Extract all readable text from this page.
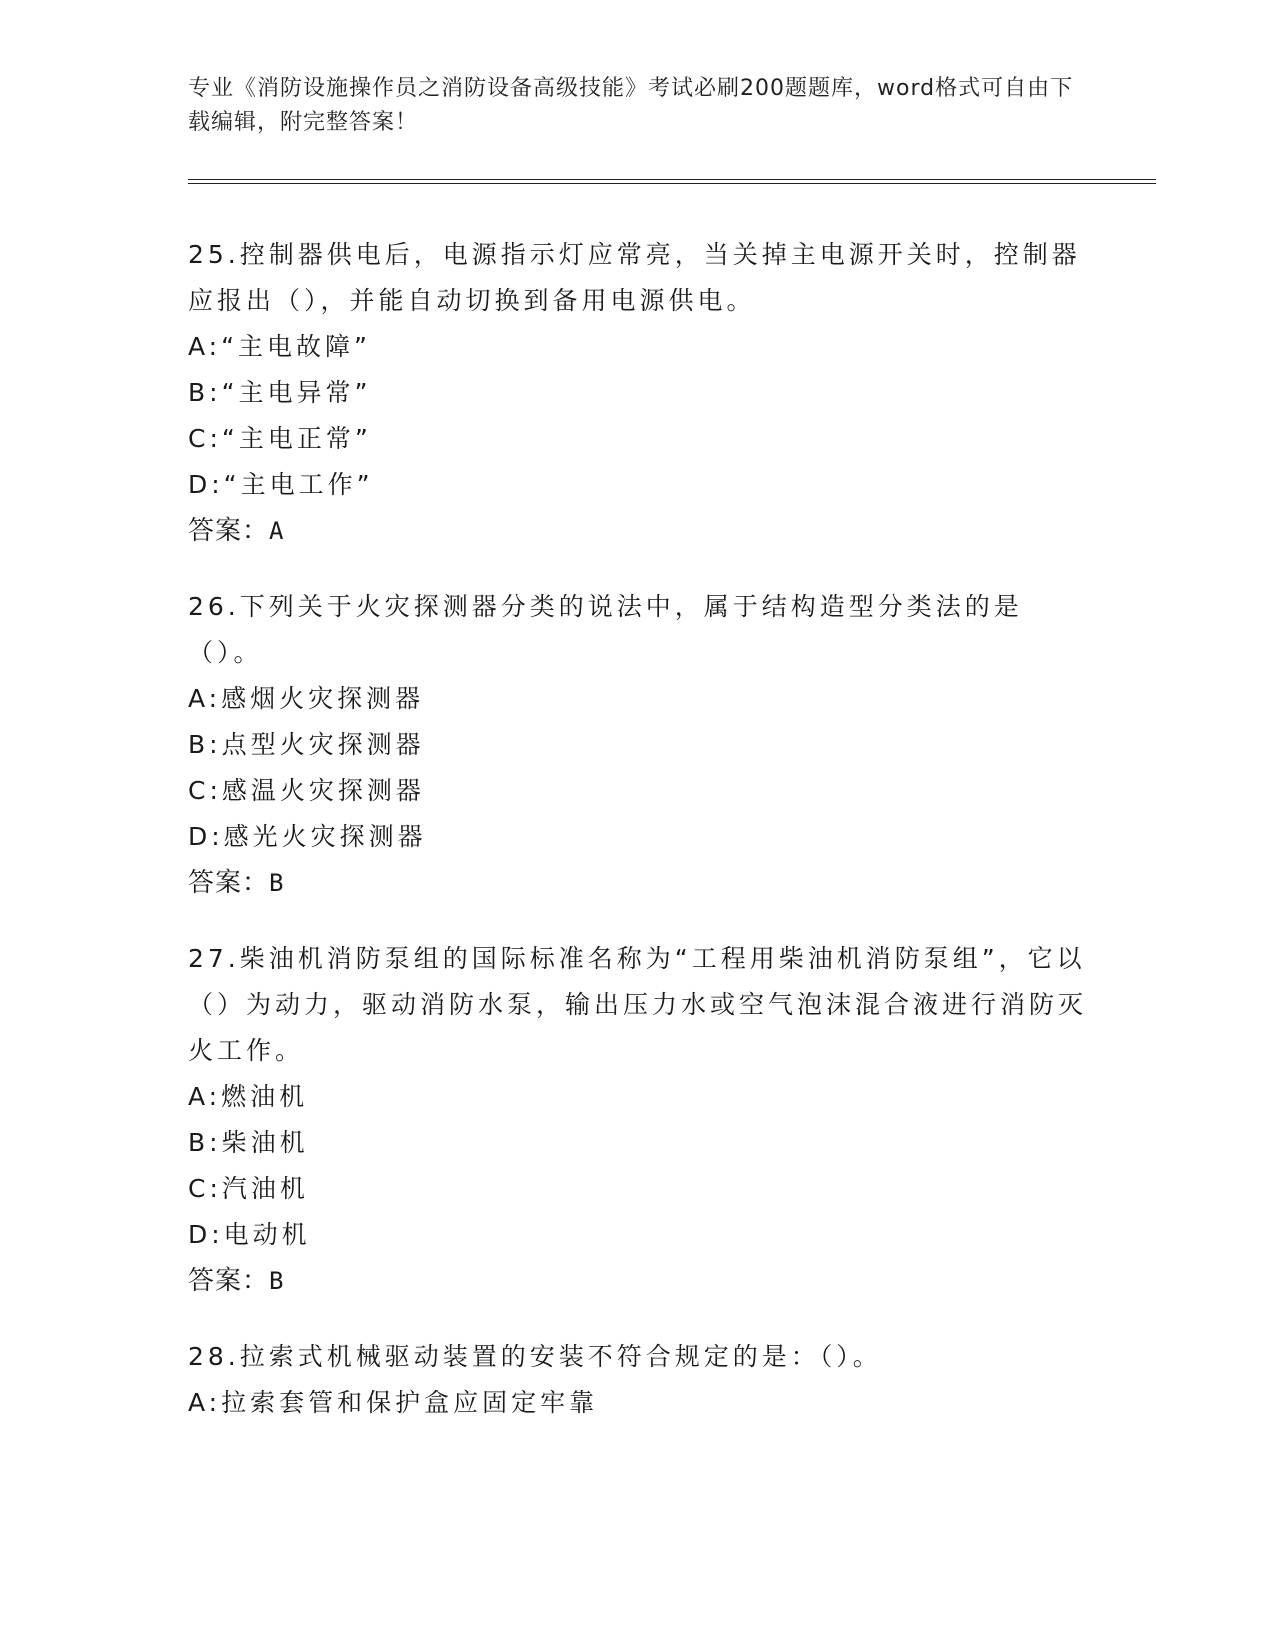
专业《消防设施操作员之消防设备高级技能》考试必刷200题题库，word格式可自由下载编辑，附完整答案！

25.控制器供电后，电源指示灯应常亮，当关掉主电源开关时，控制器应报出（），并能自动切换到备用电源供电。

A:“主电故障”

B:“主电异常”

C:“主电正常”

D:“主电工作”

答案：A

26.下列关于火灾探测器分类的说法中，属于结构造型分类法的是（）。

A:感烟火灾探测器

B:点型火灾探测器

C:感温火灾探测器

D:感光火灾探测器

答案：B

27.柴油机消防泵组的国际标准名称为“工程用柴油机消防泵组”，它以（）为动力，驱动消防水泵，输出压力水或空气泡沫混合液进行消防灭火工作。

A:燃油机

B:柴油机

C:汽油机

D:电动机

答案：B

28.拉索式机械驱动装置的安装不符合规定的是：（）。

A:拉索套管和保护盒应固定牢靠
